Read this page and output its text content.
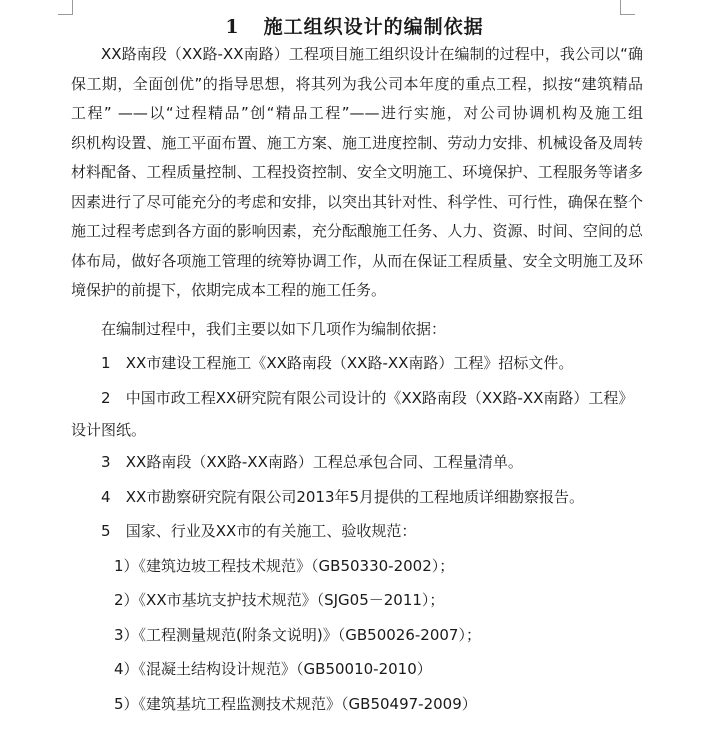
1 施工组织设计的编制依据
XX路南段（XX路-XX南路）工程项目施工组织设计在编制的过程中，我公司以“确
保工期，全面创优”的指导思想，将其列为我公司本年度的重点工程，拟按“建筑精品
工程” ——以“过程精品”创“精品工程”——进行实施，对公司协调机构及施工组
织机构设置、施工平面布置、施工方案、施工进度控制、劳动力安排、机械设备及周转
材料配备、工程质量控制、工程投资控制、安全文明施工、环境保护、工程服务等诸多
因素进行了尽可能充分的考虑和安排，以突出其针对性、科学性、可行性，确保在整个
施工过程考虑到各方面的影响因素，充分酝酿施工任务、人力、资源、时间、空间的总
体布局，做好各项施工管理的统筹协调工作，从而在保证工程质量、安全文明施工及环
境保护的前提下，依期完成本工程的施工任务。
在编制过程中，我们主要以如下几项作为编制依据：
1 XX市建设工程施工《XX路南段（XX路-XX南路）工程》招标文件。
2 中国市政工程XX研究院有限公司设计的《XX路南段（XX路-XX南路）工程》
设计图纸。
3 XX路南段（XX路-XX南路）工程总承包合同、工程量清单。
4 XX市勘察研究院有限公司2013年5月提供的工程地质详细勘察报告。
5 国家、行业及XX市的有关施工、验收规范：
1）《建筑边坡工程技术规范》（GB50330-2002）；
2）《XX市基坑支护技术规范》（SJG05－2011）；
3）《工程测量规范(附条文说明)》（GB50026-2007）；
4）《混凝土结构设计规范》（GB50010-2010）
5）《建筑基坑工程监测技术规范》（GB50497-2009）
